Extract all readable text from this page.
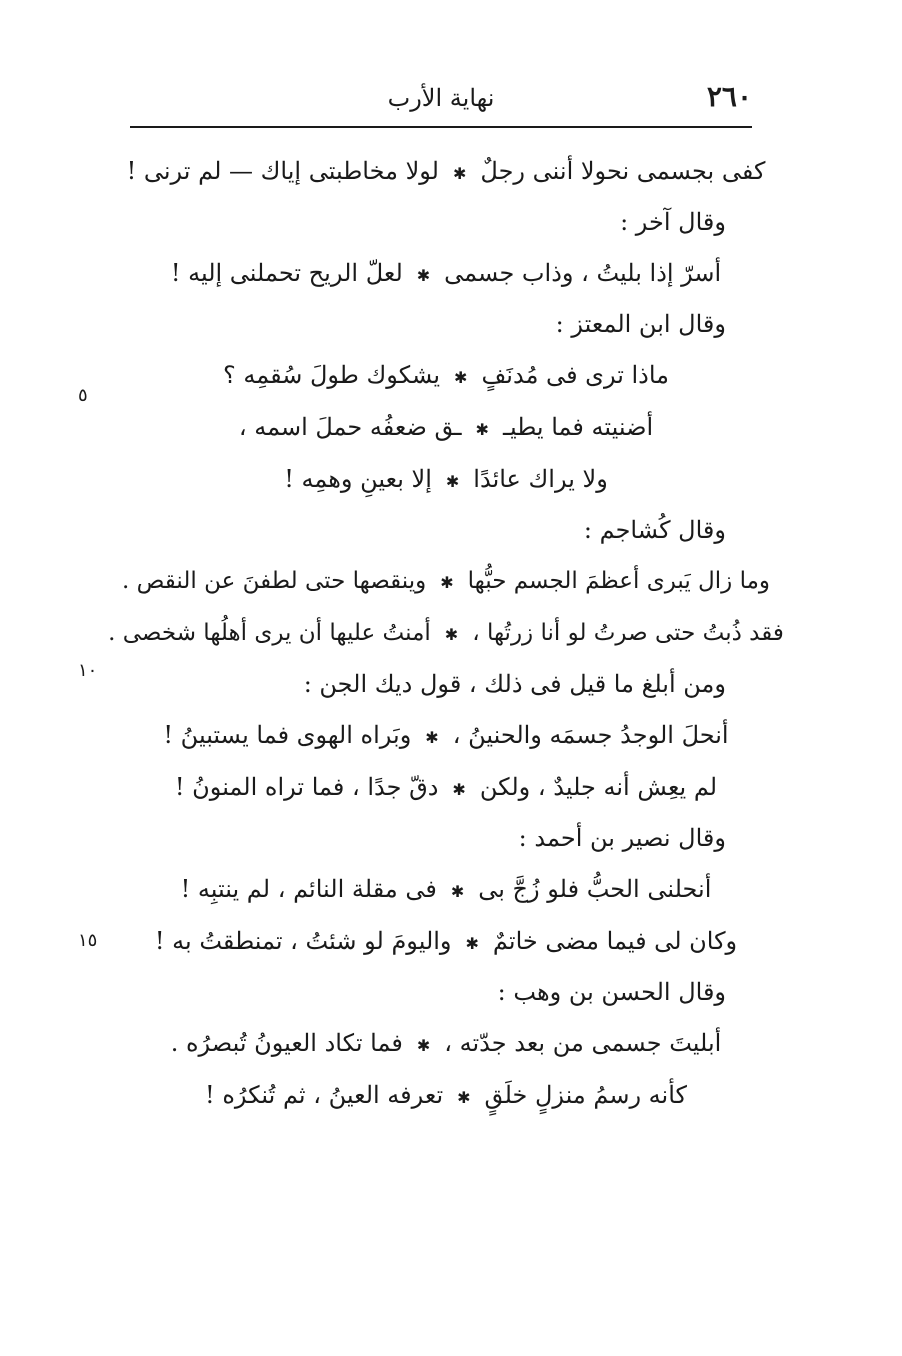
٢٦٠
نهاية الأرب
٥
١٠
١٥
كفى بجسمى نحولا أننى رجلٌ
✱
لولا مخاطبتى إياك — لم ترنى !
وقال آخر :
أسرّ إذا بليتُ ، وذاب جسمى
✱
لعلّ الريح تحملنى إليه !
وقال ابن المعتز :
ماذا ترى فى مُدنَفٍ
✱
يشكوك طولَ سُقمِه ؟
أضنيته فما يطيـ
✱
ـق ضعفُه حملَ اسمه ،
ولا يراك عائدًا
✱
إلا بعينِ وهمِه !
وقال كُشاجم :
وما زال يَبرى أعظمَ الجسم حبُّها
✱
وينقصها حتى لطفنَ عن النقص .
فقد ذُبتُ حتى صرتُ لو أنا زرتُها ،
✱
أمنتُ عليها أن يرى أهلُها شخصى .
ومن أبلغ ما قيل فى ذلك ، قول ديك الجن :
أنحلَ الوجدُ جسمَه والحنينُ ،
✱
وبَراه الهوى فما يستبينُ !
لم يعِش أنه جليدٌ ، ولكن
✱
دقّ جدًا ، فما تراه المنونُ !
وقال نصير بن أحمد :
أنحلنى الحبُّ فلو زُجَّ بى
✱
فى مقلة النائم ، لم ينتبِه !
وكان لى فيما مضى خاتمٌ
✱
واليومَ لو شئتُ ، تمنطقتُ به !
وقال الحسن بن وهب :
أبليتَ جسمى من بعد جدّته ،
✱
فما تكاد العيونُ تُبصرُه .
كأنه رسمُ منزلٍ خلَقٍ
✱
تعرفه العينُ ، ثم تُنكرُه !
